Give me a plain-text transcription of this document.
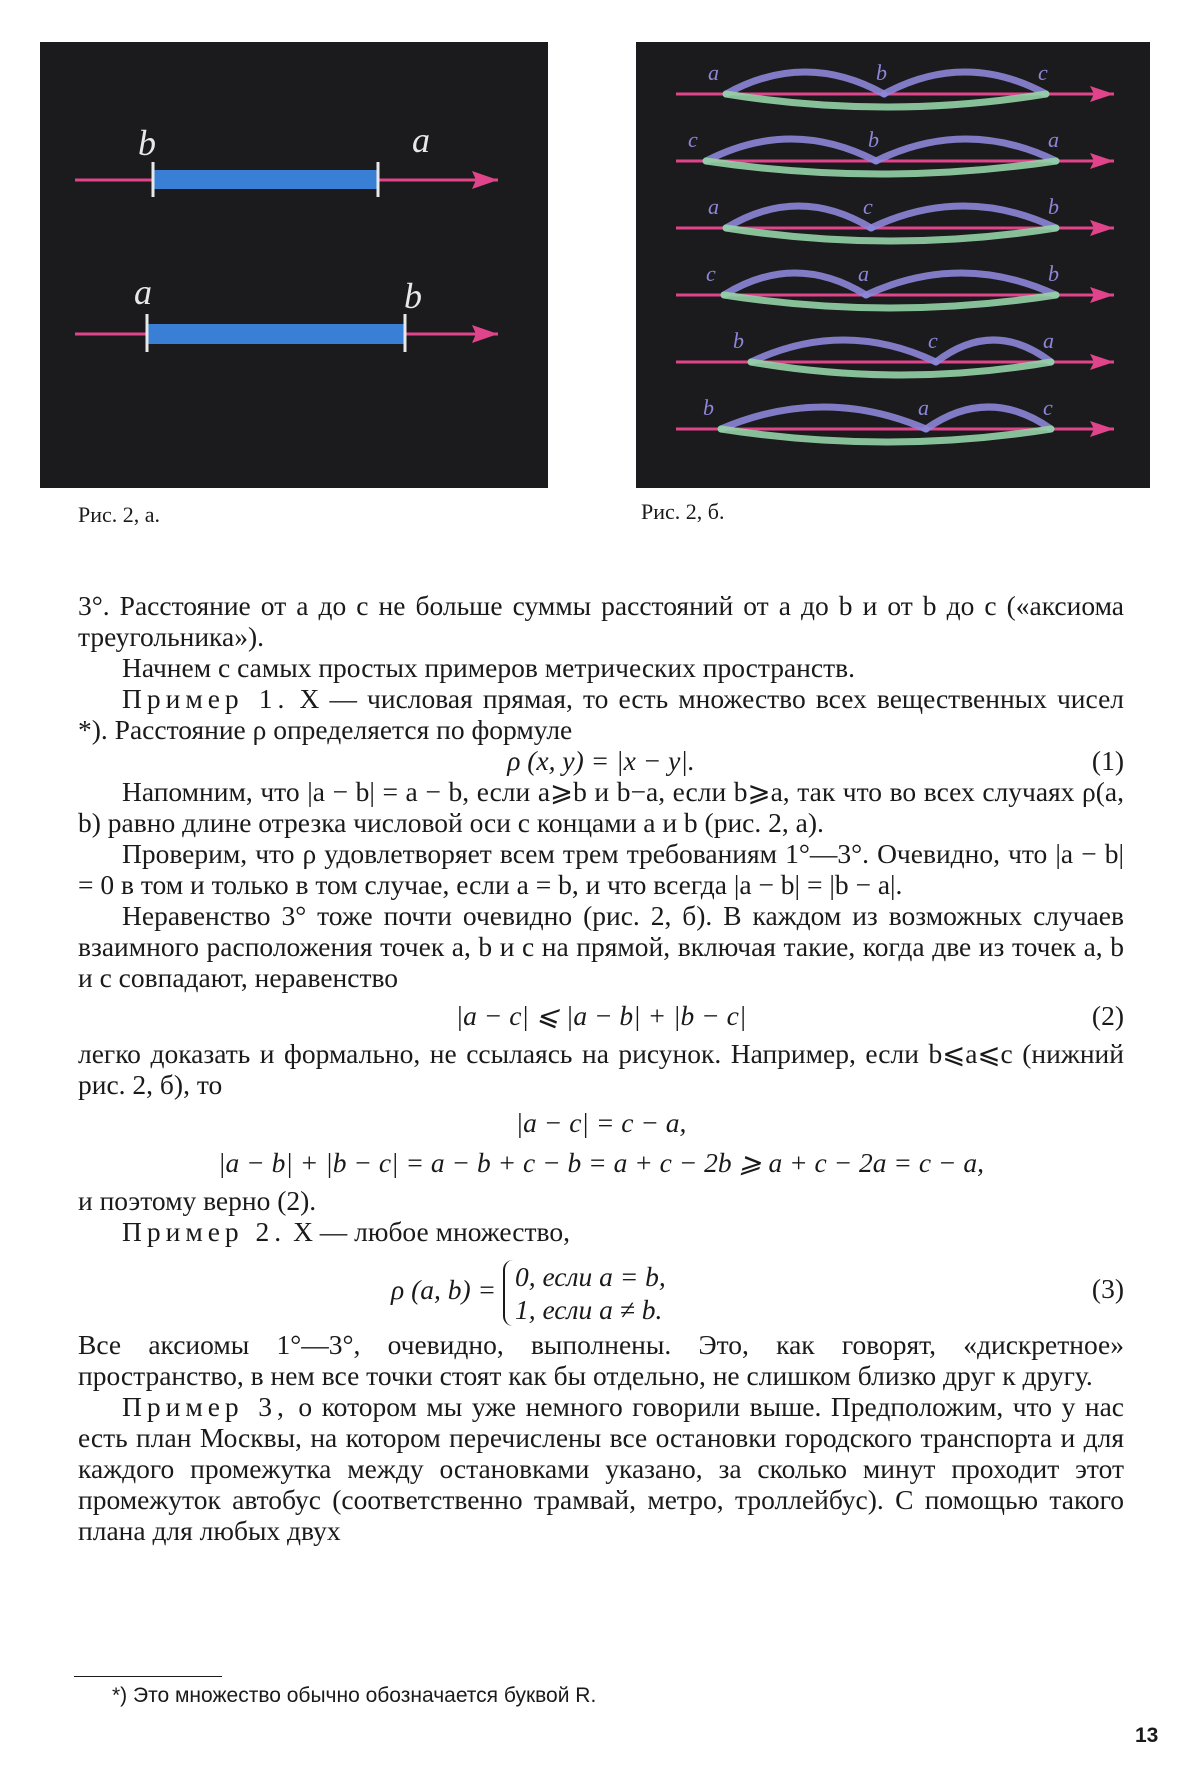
b	a
a	b
Рис. 2, а.
a	b	c
c	b	a
a	c	b
c	a	b
b	c	a
b	a	c
Рис. 2, б.

3°. Расстояние от a до c не больше суммы расстояний от a до b и от b до c («аксиома треугольника»).

Начнем с самых простых примеров метрических пространств.

Пример 1. X — числовая прямая, то есть множество всех вещественных чисел *). Расстояние ρ определяется по формуле

ρ (x, y) = |x − y|.	(1)

Напомним, что |a − b| = a − b, если a⩾b и b−a, если b⩾a, так что во всех случаях ρ(a, b) равно длине отрезка числовой оси с концами a и b (рис. 2, а).

Проверим, что ρ удовлетворяет всем трем требованиям 1°—3°. Очевидно, что |a − b| = 0 в том и только в том случае, если a = b, и что всегда |a − b| = |b − a|.

Неравенство 3° тоже почти очевидно (рис. 2, б). В каждом из возможных случаев взаимного расположения точек a, b и c на прямой, включая такие, когда две из точек a, b и c совпадают, неравенство

|a − c| ⩽ |a − b| + |b − c|	(2)

легко доказать и формально, не ссылаясь на рисунок. Например, если b⩽a⩽c (нижний рис. 2, б), то

|a − c| = c − a,
|a − b| + |b − c| = a − b + c − b = a + c − 2b ⩾ a + c − 2a = c − a,

и поэтому верно (2).

Пример 2. X — любое множество,

ρ (a, b) = 0, если a = b,
1, если a ≠ b.
(3)

Все аксиомы 1°—3°, очевидно, выполнены. Это, как говорят, «дискретное» пространство, в нем все точки стоят как бы отдельно, не слишком близко друг к другу.

Пример 3, о котором мы уже немного говорили выше. Предположим, что у нас есть план Москвы, на котором перечислены все остановки городского транспорта и для каждого промежутка между остановками указано, за сколько минут проходит этот промежуток автобус (соответственно трамвай, метро, троллейбус). С помощью такого плана для любых двух

*) Это множество обычно обозначается буквой R.
13
